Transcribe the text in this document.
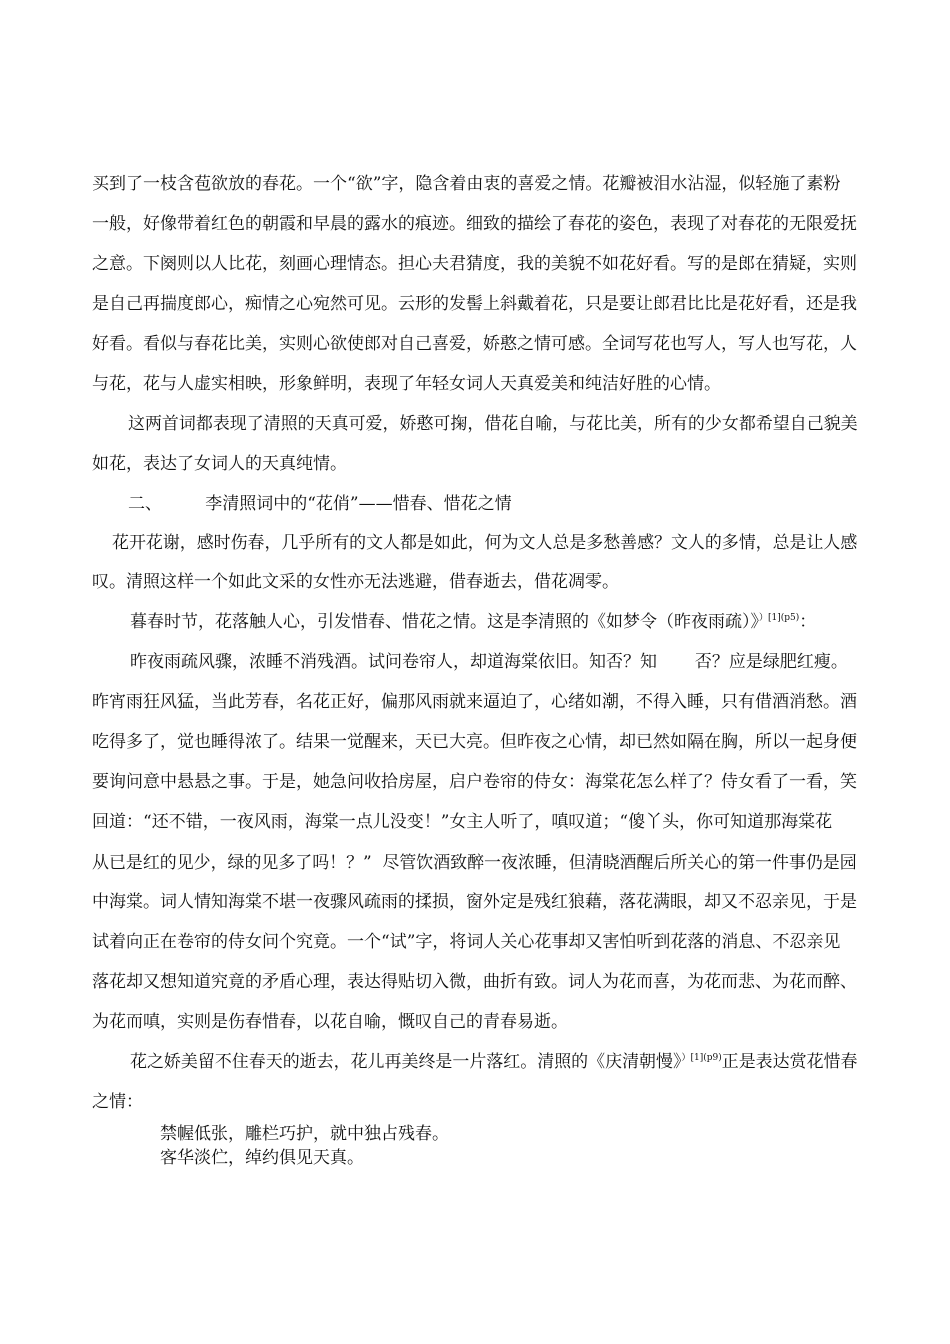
买到了一枝含苞欲放的春花。一个“欲”字，隐含着由衷的喜爱之情。花瓣被泪水沾湿，似轻施了素粉
一般，好像带着红色的朝霞和早晨的露水的痕迹。细致的描绘了春花的姿色，表现了对春花的无限爱抚
之意。下阕则以人比花，刻画心理情态。担心夫君猜度，我的美貌不如花好看。写的是郎在猜疑，实则
是自己再揣度郎心，痴情之心宛然可见。云形的发髻上斜戴着花，只是要让郎君比比是花好看，还是我
好看。看似与春花比美，实则心欲使郎对自己喜爱，娇憨之情可感。全词写花也写人，写人也写花，人
与花，花与人虚实相映，形象鲜明，表现了年轻女词人天真爱美和纯洁好胜的心情。
这两首词都表现了清照的天真可爱，娇憨可掬，借花自喻，与花比美，所有的少女都希望自己貌美
如花，表达了女词人的天真纯情。
二、        李清照词中的“花俏”——惜春、惜花之情
花开花谢，感时伤春，几乎所有的文人都是如此，何为文人总是多愁善感？文人的多情，总是让人感
叹。清照这样一个如此文采的女性亦无法逃避，借春逝去，借花凋零。
暮春时节，花落触人心，引发惜春、惜花之情。这是李清照的《如梦令（昨夜雨疏）》$^{)[1](p5)}$：
昨夜雨疏风骤，浓睡不消残酒。试问卷帘人，却道海棠依旧。知否？知       否？应是绿肥红瘦。
昨宵雨狂风猛，当此芳春，名花正好，偏那风雨就来逼迫了，心绪如潮，不得入睡，只有借酒消愁。酒
吃得多了，觉也睡得浓了。结果一觉醒来，天已大亮。但昨夜之心情，却已然如隔在胸，所以一起身便
要询问意中悬悬之事。于是，她急问收拾房屋，启户卷帘的侍女：海棠花怎么样了？侍女看了一看，笑
回道：“还不错，一夜风雨，海棠一点儿没变！”女主人听了，嗔叹道；“傻丫头，你可知道那海棠花
从已是红的见少，绿的见多了吗！？”  尽管饮酒致醉一夜浓睡，但清晓酒醒后所关心的第一件事仍是园
中海棠。词人情知海棠不堪一夜骤风疏雨的揉损，窗外定是残红狼藉，落花满眼，却又不忍亲见，于是
试着向正在卷帘的侍女问个究竟。一个“试”字，将词人关心花事却又害怕听到花落的消息、不忍亲见
落花却又想知道究竟的矛盾心理，表达得贴切入微，曲折有致。词人为花而喜，为花而悲、为花而醉、
为花而嗔，实则是伤春惜春，以花自喻，慨叹自己的青春易逝。
花之娇美留不住春天的逝去，花儿再美终是一片落红。清照的《庆清朝慢》$^{)[1](p9)}$正是表达赏花惜春
之情：
禁幄低张，雕栏巧护，就中独占残春。
客华淡伫，绰约俱见天真。
